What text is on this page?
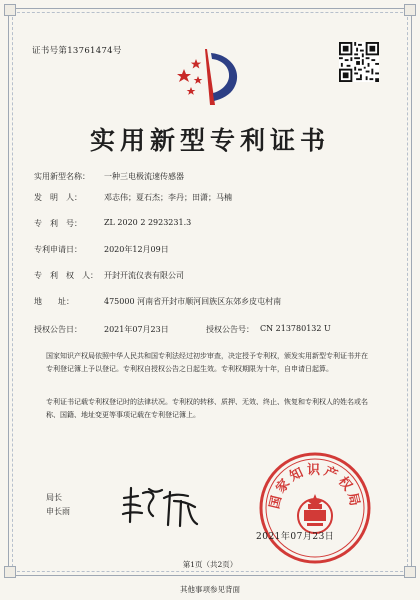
证书号第13761474号
实用新型专利证书
实用新型名称：	一种三电极流速传感器
发　明　人：	邓志伟；夏石杰；李丹；田潇；马楠
专　利　号：	ZL 2020 2 2923231.3
专利申请日：	2020年12月09日
专　利　权　人： 开封开流仪表有限公司
地　　址：	475000 河南省开封市顺河回族区东郊乡皮屯村南
授权公告日：	2021年07月23日	授权公告号： CN 213780132 U
国家知识产权局依照中华人民共和国专利法经过初步审查，决定授予专利权，颁发实用新型专利证书并在专利登记簿上予以登记。专利权自授权公告之日起生效。专利权期限为十年，自申请日起算。
专利证书记载专利权登记时的法律状况。专利权的转移、质押、无效、终止、恢复和专利权人的姓名或名称、国籍、地址变更等事项记载在专利登记簿上。
局长
申长雨
国家知识产权局
2021年07月23日
第1页（共2页）
其他事项参见背面
